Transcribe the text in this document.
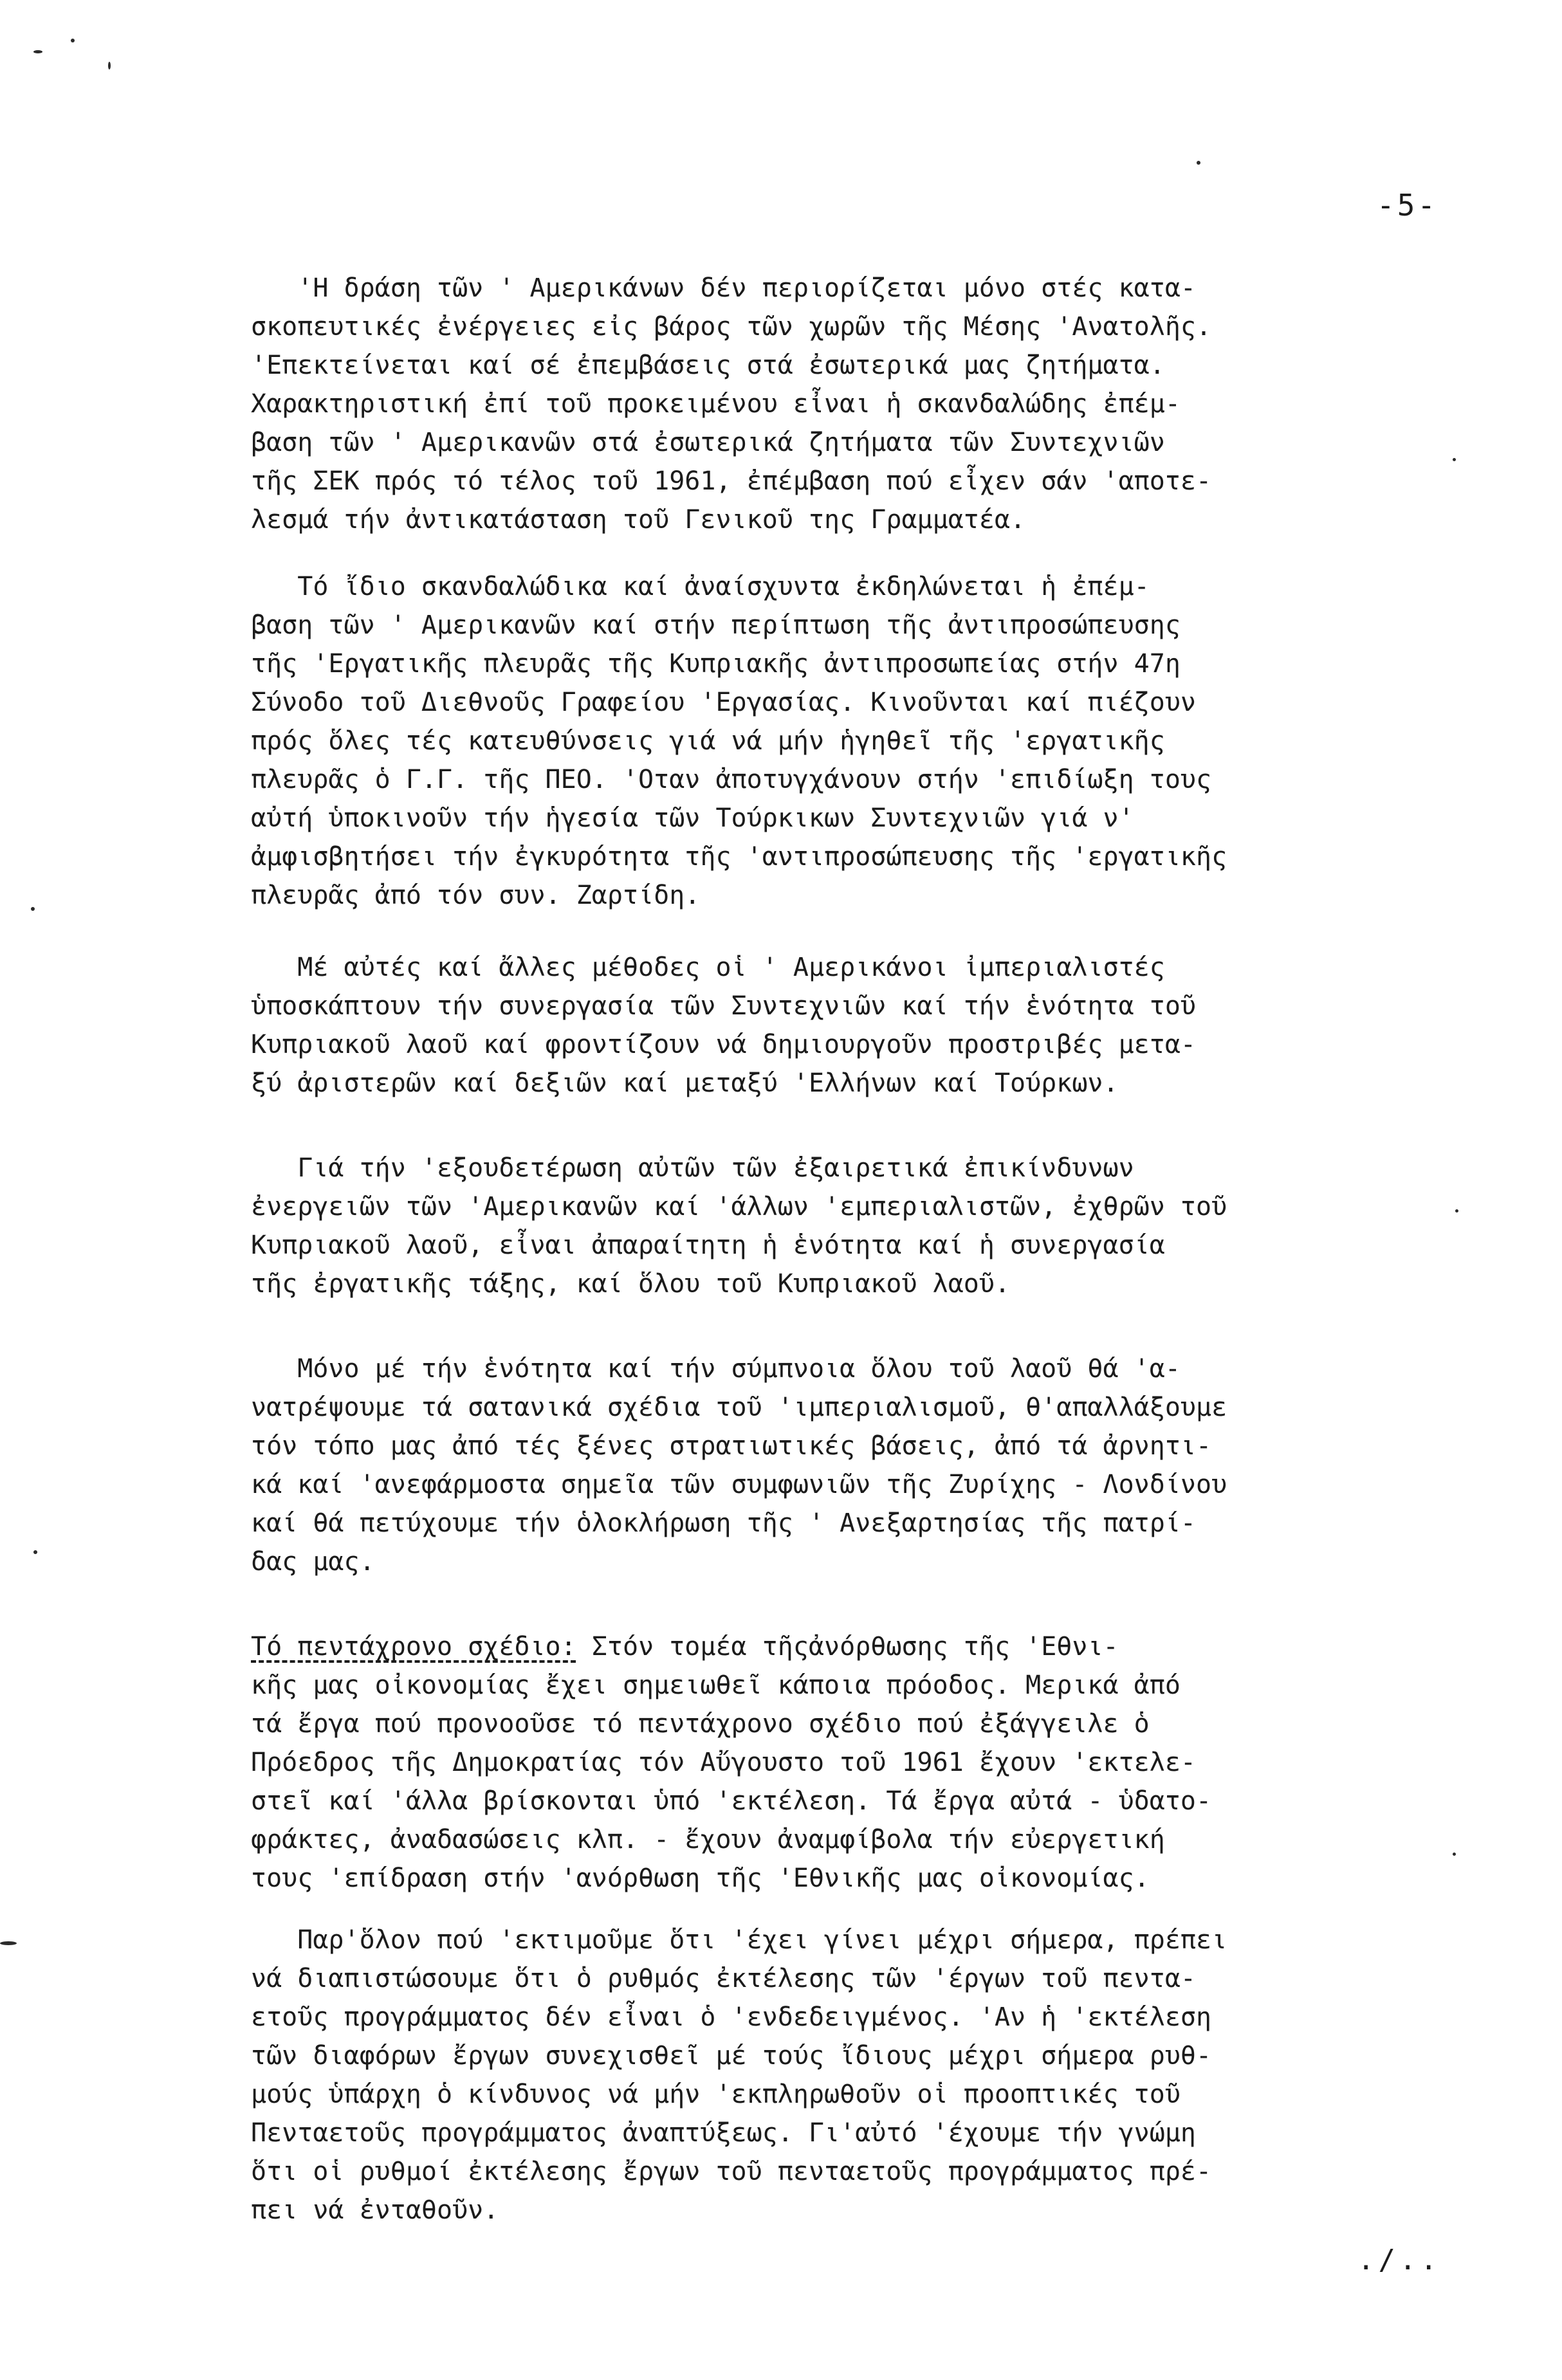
-5-
'Η δράση τῶν ' Αμερικάνων δέν περιορίζεται μόνο στές κατα-
σκοπευτικές ἐνέργειες εἰς βάρος τῶν χωρῶν τῆς Μέσης 'Ανατολῆς.
'Επεκτείνεται καί σέ ἐπεμβάσεις στά ἐσωτερικά μας ζητήματα.
Χαρακτηριστική ἐπί τοῦ προκειμένου εἶναι ἡ σκανδαλώδης ἐπέμ-
βαση τῶν ' Αμερικανῶν στά ἐσωτερικά ζητήματα τῶν Συντεχνιῶν
τῆς ΣΕΚ πρός τό τέλος τοῦ 1961, ἐπέμβαση πού εἶχεν σάν 'αποτε-
λεσμά τήν ἀντικατάσταση τοῦ Γενικοῦ της Γραμματέα.
Τό ἴδιο σκανδαλώδικα καί ἀναίσχυντα ἐκδηλώνεται ἡ ἐπέμ-
βαση τῶν ' Αμερικανῶν καί στήν περίπτωση τῆς ἀντιπροσώπευσης
τῆς 'Εργατικῆς πλευρᾶς τῆς Κυπριακῆς ἀντιπροσωπείας στήν 47η
Σύνοδο τοῦ Διεθνοῦς Γραφείου 'Εργασίας. Κινοῦνται καί πιέζουν
πρός ὅλες τές κατευθύνσεις γιά νά μήν ἡγηθεῖ τῆς 'εργατικῆς
πλευρᾶς ὁ Γ.Γ. τῆς ΠΕΟ. 'Οταν ἀποτυγχάνουν στήν 'επιδίωξη τους
αὐτή ὑποκινοῦν τήν ἡγεσία τῶν Τούρκικων Συντεχνιῶν γιά ν'
ἀμφισβητήσει τήν ἐγκυρότητα τῆς 'αντιπροσώπευσης τῆς 'εργατικῆς
πλευρᾶς ἀπό τόν συν. Ζαρτίδη.
Μέ αὐτές καί ἄλλες μέθοδες οἱ ' Αμερικάνοι ἰμπεριαλιστές
ὑποσκάπτουν τήν συνεργασία τῶν Συντεχνιῶν καί τήν ἑνότητα τοῦ
Κυπριακοῦ λαοῦ καί φροντίζουν νά δημιουργοῦν προστριβές μετα-
ξύ ἀριστερῶν καί δεξιῶν καί μεταξύ 'Ελλήνων καί Τούρκων.
Γιά τήν 'εξουδετέρωση αὐτῶν τῶν ἐξαιρετικά ἐπικίνδυνων
ἐνεργειῶν τῶν 'Αμερικανῶν καί 'άλλων 'εμπεριαλιστῶν, ἐχθρῶν τοῦ
Κυπριακοῦ λαοῦ, εἶναι ἀπαραίτητη ἡ ἑνότητα καί ἡ συνεργασία
τῆς ἐργατικῆς τάξης, καί ὅλου τοῦ Κυπριακοῦ λαοῦ.
Μόνο μέ τήν ἑνότητα καί τήν σύμπνοια ὅλου τοῦ λαοῦ θά 'α-
νατρέψουμε τά σατανικά σχέδια τοῦ 'ιμπεριαλισμοῦ, θ'απαλλάξουμε
τόν τόπο μας ἀπό τές ξένες στρατιωτικές βάσεις, ἀπό τά ἀρνητι-
κά καί 'ανεφάρμοστα σημεῖα τῶν συμφωνιῶν τῆς Ζυρίχης - Λονδίνου
καί θά πετύχουμε τήν ὁλοκλήρωση τῆς ' Ανεξαρτησίας τῆς πατρί-
δας μας.
Τό πεντάχρονο σχέδιο: Στόν τομέα τῆςἀνόρθωσης τῆς 'Εθνι-
κῆς μας οἰκονομίας ἔχει σημειωθεῖ κάποια πρόοδος. Μερικά ἀπό
τά ἔργα πού προνοοῦσε τό πεντάχρονο σχέδιο πού ἐξάγγειλε ὁ
Πρόεδρος τῆς Δημοκρατίας τόν Αὔγουστο τοῦ 1961 ἔχουν 'εκτελε-
στεῖ καί 'άλλα βρίσκονται ὑπό 'εκτέλεση. Τά ἔργα αὐτά - ὑδατο-
φράκτες, ἀναδασώσεις κλπ. - ἔχουν ἀναμφίβολα τήν εὐεργετική
τους 'επίδραση στήν 'ανόρθωση τῆς 'Εθνικῆς μας οἰκονομίας.
Παρ'ὅλον πού 'εκτιμοῦμε ὅτι 'έχει γίνει μέχρι σήμερα, πρέπει
νά διαπιστώσουμε ὅτι ὁ ρυθμός ἐκτέλεσης τῶν 'έργων τοῦ πεντα-
ετοῦς προγράμματος δέν εἶναι ὁ 'ενδεδειγμένος. 'Αν ἡ 'εκτέλεση
τῶν διαφόρων ἔργων συνεχισθεῖ μέ τούς ἴδιους μέχρι σήμερα ρυθ-
μούς ὑπάρχη ὁ κίνδυνος νά μήν 'εκπληρωθοῦν οἱ προοπτικές τοῦ
Πενταετοῦς προγράμματος ἀναπτύξεως. Γι'αὐτό 'έχουμε τήν γνώμη
ὅτι οἱ ρυθμοί ἐκτέλεσης ἔργων τοῦ πενταετοῦς προγράμματος πρέ-
πει νά ἐνταθοῦν.
./..
